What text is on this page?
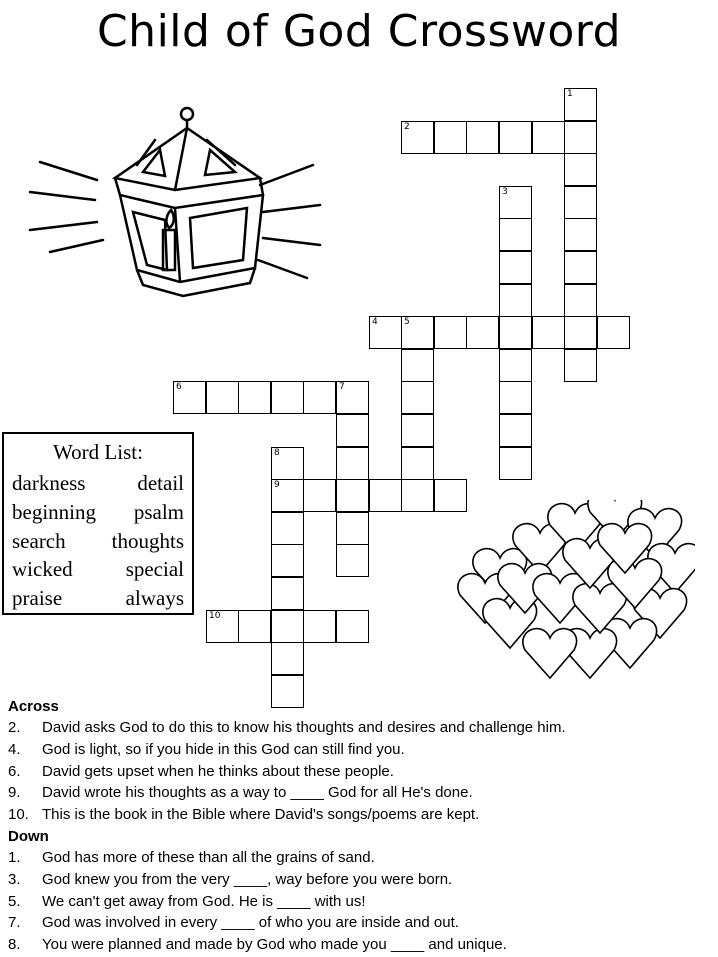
Child of God Crossword
1
2
3
4	5
6	7
8
9
10
Word List:
darkness detail
beginning psalm
search thoughts
wicked	special
praise	always
Across
2. David asks God to do this to know his thoughts and desires and challenge him.
4. God is light, so if you hide in this God can still find you.
6. David gets upset when he thinks about these people.
9. David wrote his thoughts as a way to ____ God for all He's done.
10. This is the book in the Bible where David's songs/poems are kept.
Down
1. God has more of these than all the grains of sand.
3. God knew you from the very ____, way before you were born.
5. We can't get away from God. He is ____ with us!
7. God was involved in every ____ of who you are inside and out.
8. You were planned and made by God who made you ____ and unique.
